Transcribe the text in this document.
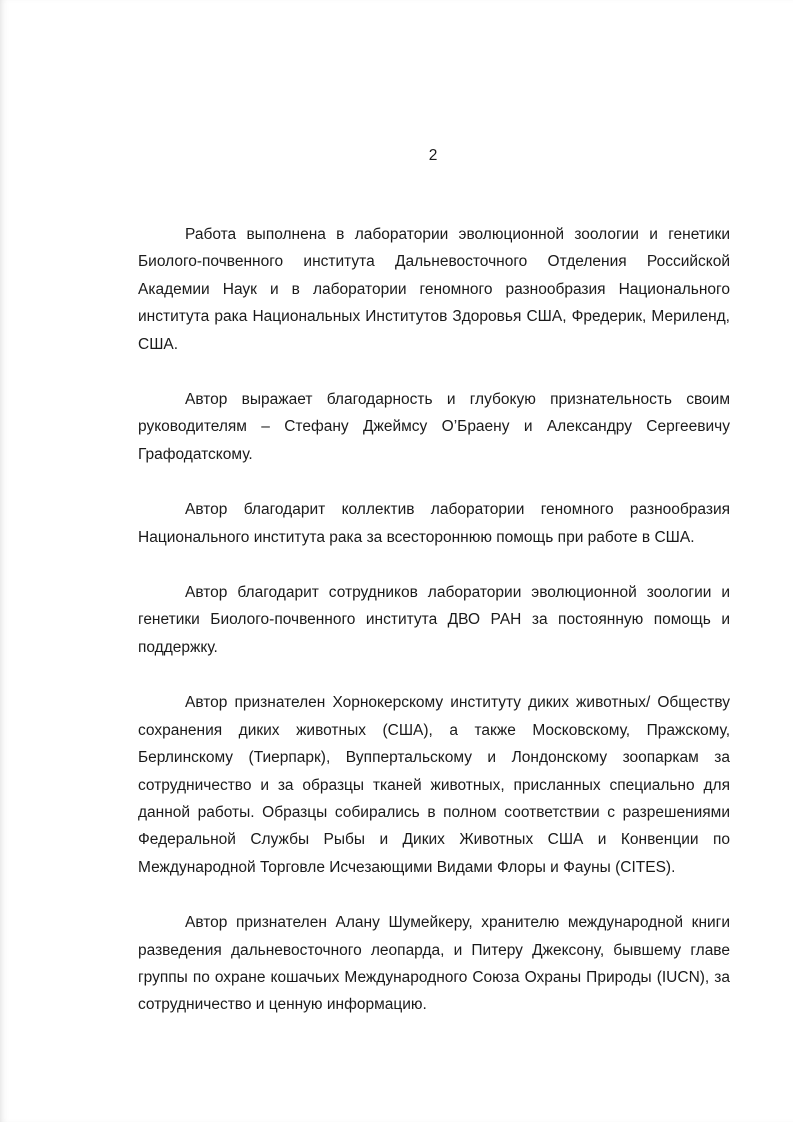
2

Работа выполнена в лаборатории эволюционной зоологии и генетики Биолого-почвенного института Дальневосточного Отделения Российской Академии Наук и в лаборатории геномного разнообразия Национального института рака Национальных Институтов Здоровья США, Фредерик, Мериленд, США.

Автор выражает благодарность и глубокую признательность своим руководителям – Стефану Джеймсу О’Браену и Александру Сергеевичу Графодатскому.

Автор благодарит коллектив лаборатории геномного разнообразия Национального института рака за всестороннюю помощь при работе в США.

Автор благодарит сотрудников лаборатории эволюционной зоологии и генетики Биолого-почвенного института ДВО РАН за постоянную помощь и поддержку.

Автор признателен Хорнокерскому институту диких животных/ Обществу сохранения диких животных (США), а также Московскому, Пражскому, Берлинскому (Тиерпарк), Вуппертальскому и Лондонскому зоопаркам за сотрудничество и за образцы тканей животных, присланных специально для данной работы. Образцы собирались в полном соответствии с разрешениями Федеральной Службы Рыбы и Диких Животных США и Конвенции по Международной Торговле Исчезающими Видами Флоры и Фауны (CITES).

Автор признателен Алану Шумейкеру, хранителю международной книги разведения дальневосточного леопарда, и Питеру Джексону, бывшему главе группы по охране кошачьих Международного Союза Охраны Природы (IUCN), за сотрудничество и ценную информацию.
